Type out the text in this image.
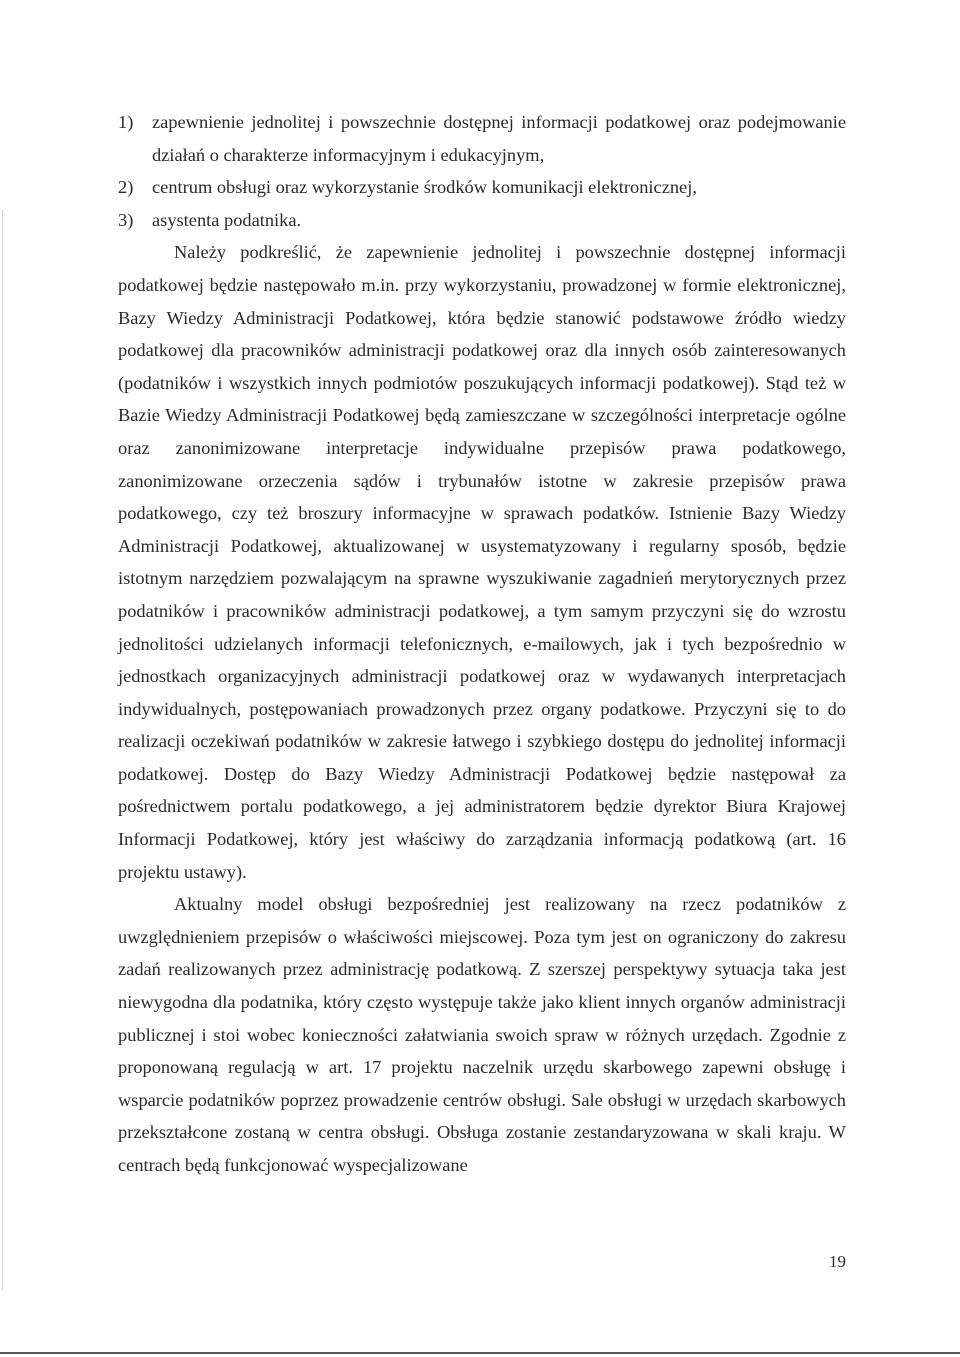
1) zapewnienie jednolitej i powszechnie dostępnej informacji podatkowej oraz podejmowanie działań o charakterze informacyjnym i edukacyjnym,
2) centrum obsługi oraz wykorzystanie środków komunikacji elektronicznej,
3) asystenta podatnika.

Należy podkreślić, że zapewnienie jednolitej i powszechnie dostępnej informacji podatkowej będzie następowało m.in. przy wykorzystaniu, prowadzonej w formie elektronicznej, Bazy Wiedzy Administracji Podatkowej, która będzie stanowić podstawowe źródło wiedzy podatkowej dla pracowników administracji podatkowej oraz dla innych osób zainteresowanych (podatników i wszystkich innych podmiotów poszukujących informacji podatkowej). Stąd też w Bazie Wiedzy Administracji Podatkowej będą zamieszczane w szczególności interpretacje ogólne oraz zanonimizowane interpretacje indywidualne przepisów prawa podatkowego, zanonimizowane orzeczenia sądów i trybunałów istotne w zakresie przepisów prawa podatkowego, czy też broszury informacyjne w sprawach podatków. Istnienie Bazy Wiedzy Administracji Podatkowej, aktualizowanej w usystematyzowany i regularny sposób, będzie istotnym narzędziem pozwalającym na sprawne wyszukiwanie zagadnień merytorycznych przez podatników i pracowników administracji podatkowej, a tym samym przyczyni się do wzrostu jednolitości udzielanych informacji telefonicznych, e-mailowych, jak i tych bezpośrednio w jednostkach organizacyjnych administracji podatkowej oraz w wydawanych interpretacjach indywidualnych, postępowaniach prowadzonych przez organy podatkowe. Przyczyni się to do realizacji oczekiwań podatników w zakresie łatwego i szybkiego dostępu do jednolitej informacji podatkowej. Dostęp do Bazy Wiedzy Administracji Podatkowej będzie następował za pośrednictwem portalu podatkowego, a jej administratorem będzie dyrektor Biura Krajowej Informacji Podatkowej, który jest właściwy do zarządzania informacją podatkową (art. 16 projektu ustawy).

Aktualny model obsługi bezpośredniej jest realizowany na rzecz podatników z uwzględnieniem przepisów o właściwości miejscowej. Poza tym jest on ograniczony do zakresu zadań realizowanych przez administrację podatkową. Z szerszej perspektywy sytuacja taka jest niewygodna dla podatnika, który często występuje także jako klient innych organów administracji publicznej i stoi wobec konieczności załatwiania swoich spraw w różnych urzędach. Zgodnie z proponowaną regulacją w art. 17 projektu naczelnik urzędu skarbowego zapewni obsługę i wsparcie podatników poprzez prowadzenie centrów obsługi. Sale obsługi w urzędach skarbowych przekształcone zostaną w centra obsługi. Obsługa zostanie zestandaryzowana w skali kraju. W centrach będą funkcjonować wyspecjalizowane

19
